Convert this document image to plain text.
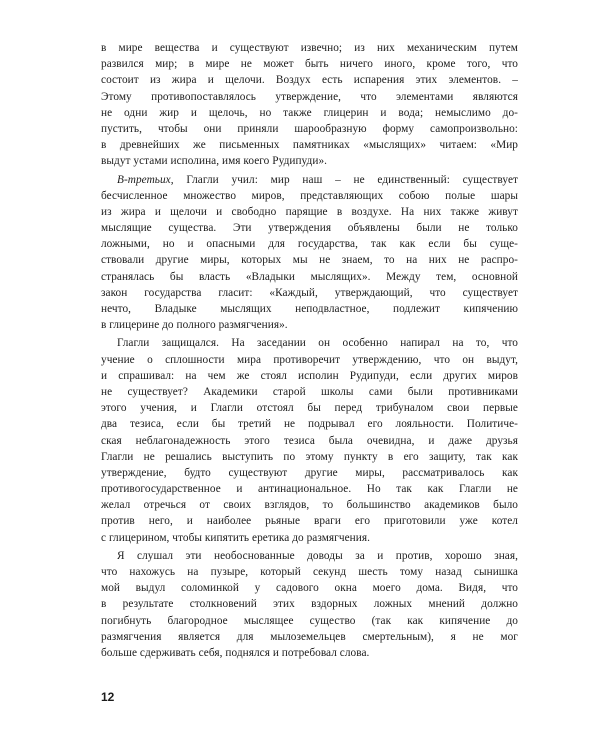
в мире вещества и существуют извечно; из них механическим путем
развился мир; в мире не может быть ничего иного, кроме того, что
состоит из жира и щелочи. Воздух есть испарения этих элементов. –
Этому противопоставлялось утверждение, что элементами являются
не одни жир и щелочь, но также глицерин и вода; немыслимо до-
пустить, чтобы они приняли шарообразную форму самопроизвольно:
в древнейших же письменных памятниках «мыслящих» читаем: «Мир
выдут устами исполина, имя коего Рудипуди».
В-третьих, Глагли учил: мир наш – не единственный: существует
бесчисленное множество миров, представляющих собою полые шары
из жира и щелочи и свободно парящие в воздухе. На них также живут
мыслящие существа. Эти утверждения объявлены были не только
ложными, но и опасными для государства, так как если бы суще-
ствовали другие миры, которых мы не знаем, то на них не распро-
странялась бы власть «Владыки мыслящих». Между тем, основной
закон государства гласит: «Каждый, утверждающий, что существует
нечто, Владыке мыслящих неподвластное, подлежит кипячению
в глицерине до полного размягчения».
Глагли защищался. На заседании он особенно напирал на то, что
учение о сплошности мира противоречит утверждению, что он выдут,
и спрашивал: на чем же стоял исполин Рудипуди, если других миров
не существует? Академики старой школы сами были противниками
этого учения, и Глагли отстоял бы перед трибуналом свои первые
два тезиса, если бы третий не подрывал его лояльности. Политиче-
ская неблагонадежность этого тезиса была очевидна, и даже друзья
Глагли не решались выступить по этому пункту в его защиту, так как
утверждение, будто существуют другие миры, рассматривалось как
противогосударственное и антинациональное. Но так как Глагли не
желал отречься от своих взглядов, то большинство академиков было
против него, и наиболее рьяные враги его приготовили уже котел
с глицерином, чтобы кипятить еретика до размягчения.
Я слушал эти необоснованные доводы за и против, хорошо зная,
что нахожусь на пузыре, который секунд шесть тому назад сынишка
мой выдул соломинкой у садового окна моего дома. Видя, что
в результате столкновений этих вздорных ложных мнений должно
погибнуть благородное мыслящее существо (так как кипячение до
размягчения является для мылоземельцев смертельным), я не мог
больше сдерживать себя, поднялся и потребовал слова.
12
